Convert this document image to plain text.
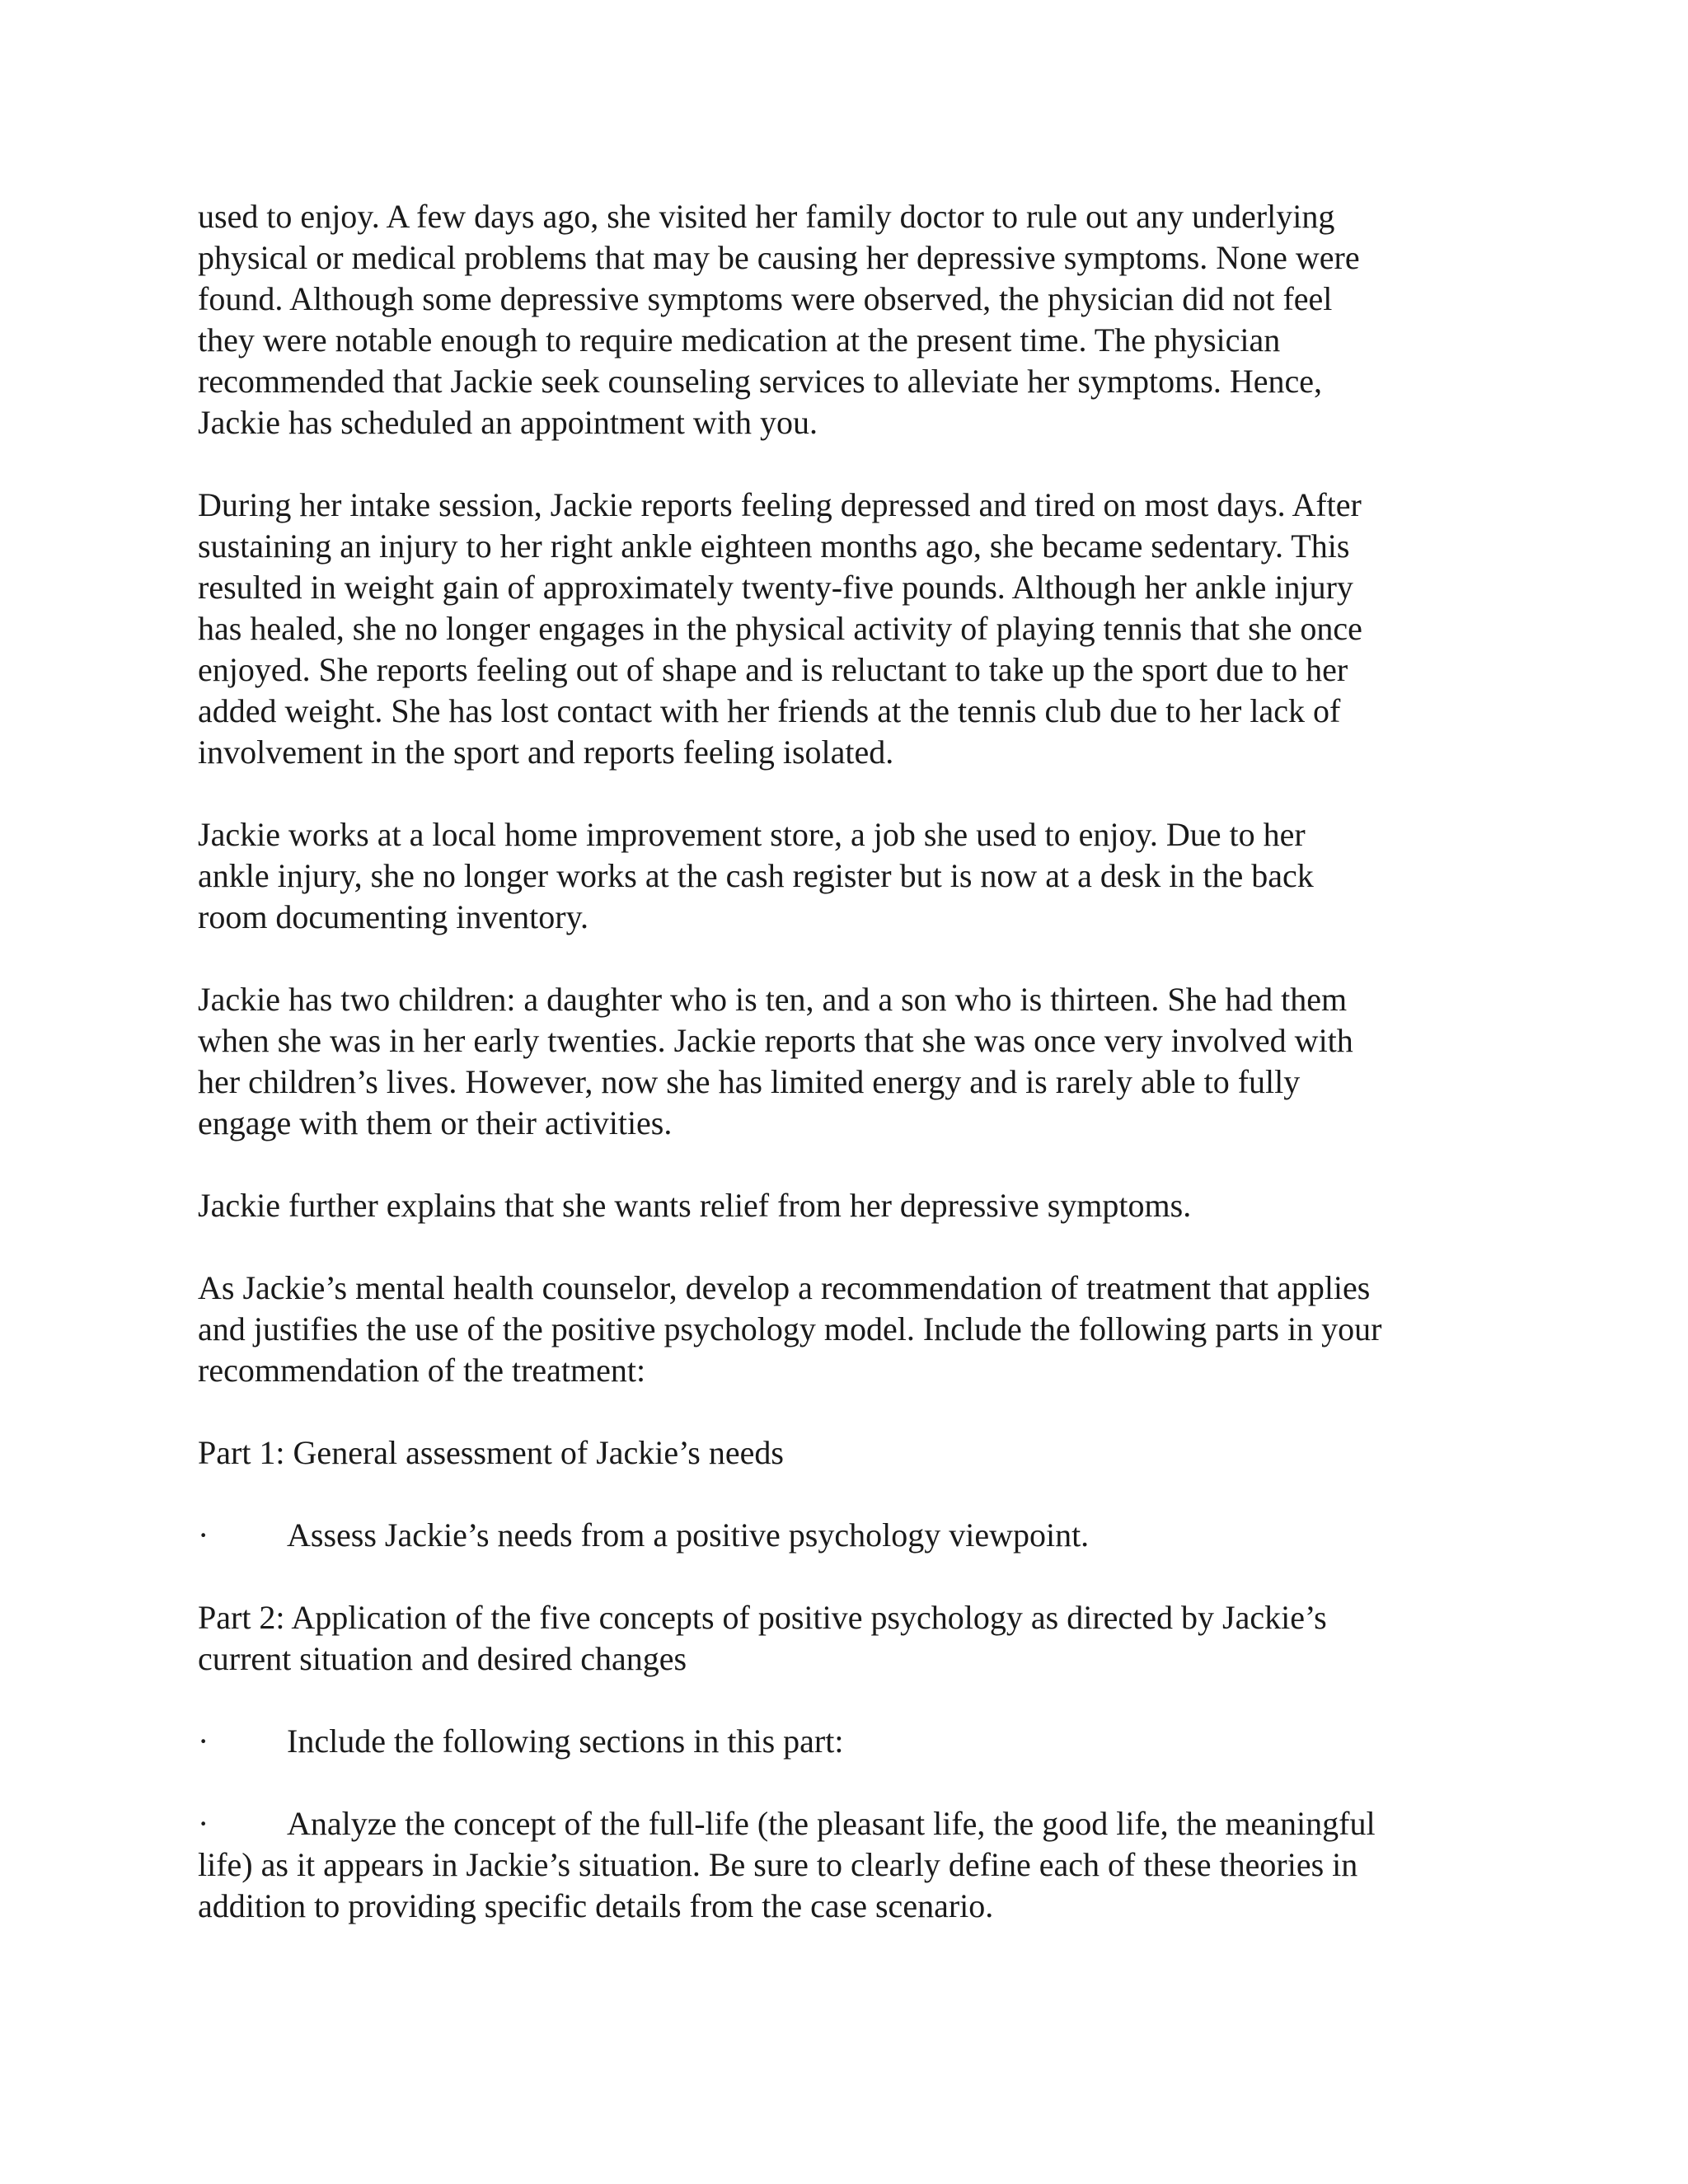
used to enjoy. A few days ago, she visited her family doctor to rule out any underlying
physical or medical problems that may be causing her depressive symptoms. None were
found. Although some depressive symptoms were observed, the physician did not feel
they were notable enough to require medication at the present time. The physician
recommended that Jackie seek counseling services to alleviate her symptoms. Hence,
Jackie has scheduled an appointment with you.

During her intake session, Jackie reports feeling depressed and tired on most days. After
sustaining an injury to her right ankle eighteen months ago, she became sedentary. This
resulted in weight gain of approximately twenty-five pounds. Although her ankle injury
has healed, she no longer engages in the physical activity of playing tennis that she once
enjoyed. She reports feeling out of shape and is reluctant to take up the sport due to her
added weight. She has lost contact with her friends at the tennis club due to her lack of
involvement in the sport and reports feeling isolated.

Jackie works at a local home improvement store, a job she used to enjoy. Due to her
ankle injury, she no longer works at the cash register but is now at a desk in the back
room documenting inventory.

Jackie has two children: a daughter who is ten, and a son who is thirteen. She had them
when she was in her early twenties. Jackie reports that she was once very involved with
her children’s lives. However, now she has limited energy and is rarely able to fully
engage with them or their activities.

Jackie further explains that she wants relief from her depressive symptoms.

As Jackie’s mental health counselor, develop a recommendation of treatment that applies
and justifies the use of the positive psychology model. Include the following parts in your
recommendation of the treatment:

Part 1: General assessment of Jackie’s needs

· Assess Jackie’s needs from a positive psychology viewpoint.

Part 2: Application of the five concepts of positive psychology as directed by Jackie’s
current situation and desired changes

· Include the following sections in this part:

· Analyze the concept of the full-life (the pleasant life, the good life, the meaningful
life) as it appears in Jackie’s situation. Be sure to clearly define each of these theories in
addition to providing specific details from the case scenario.
